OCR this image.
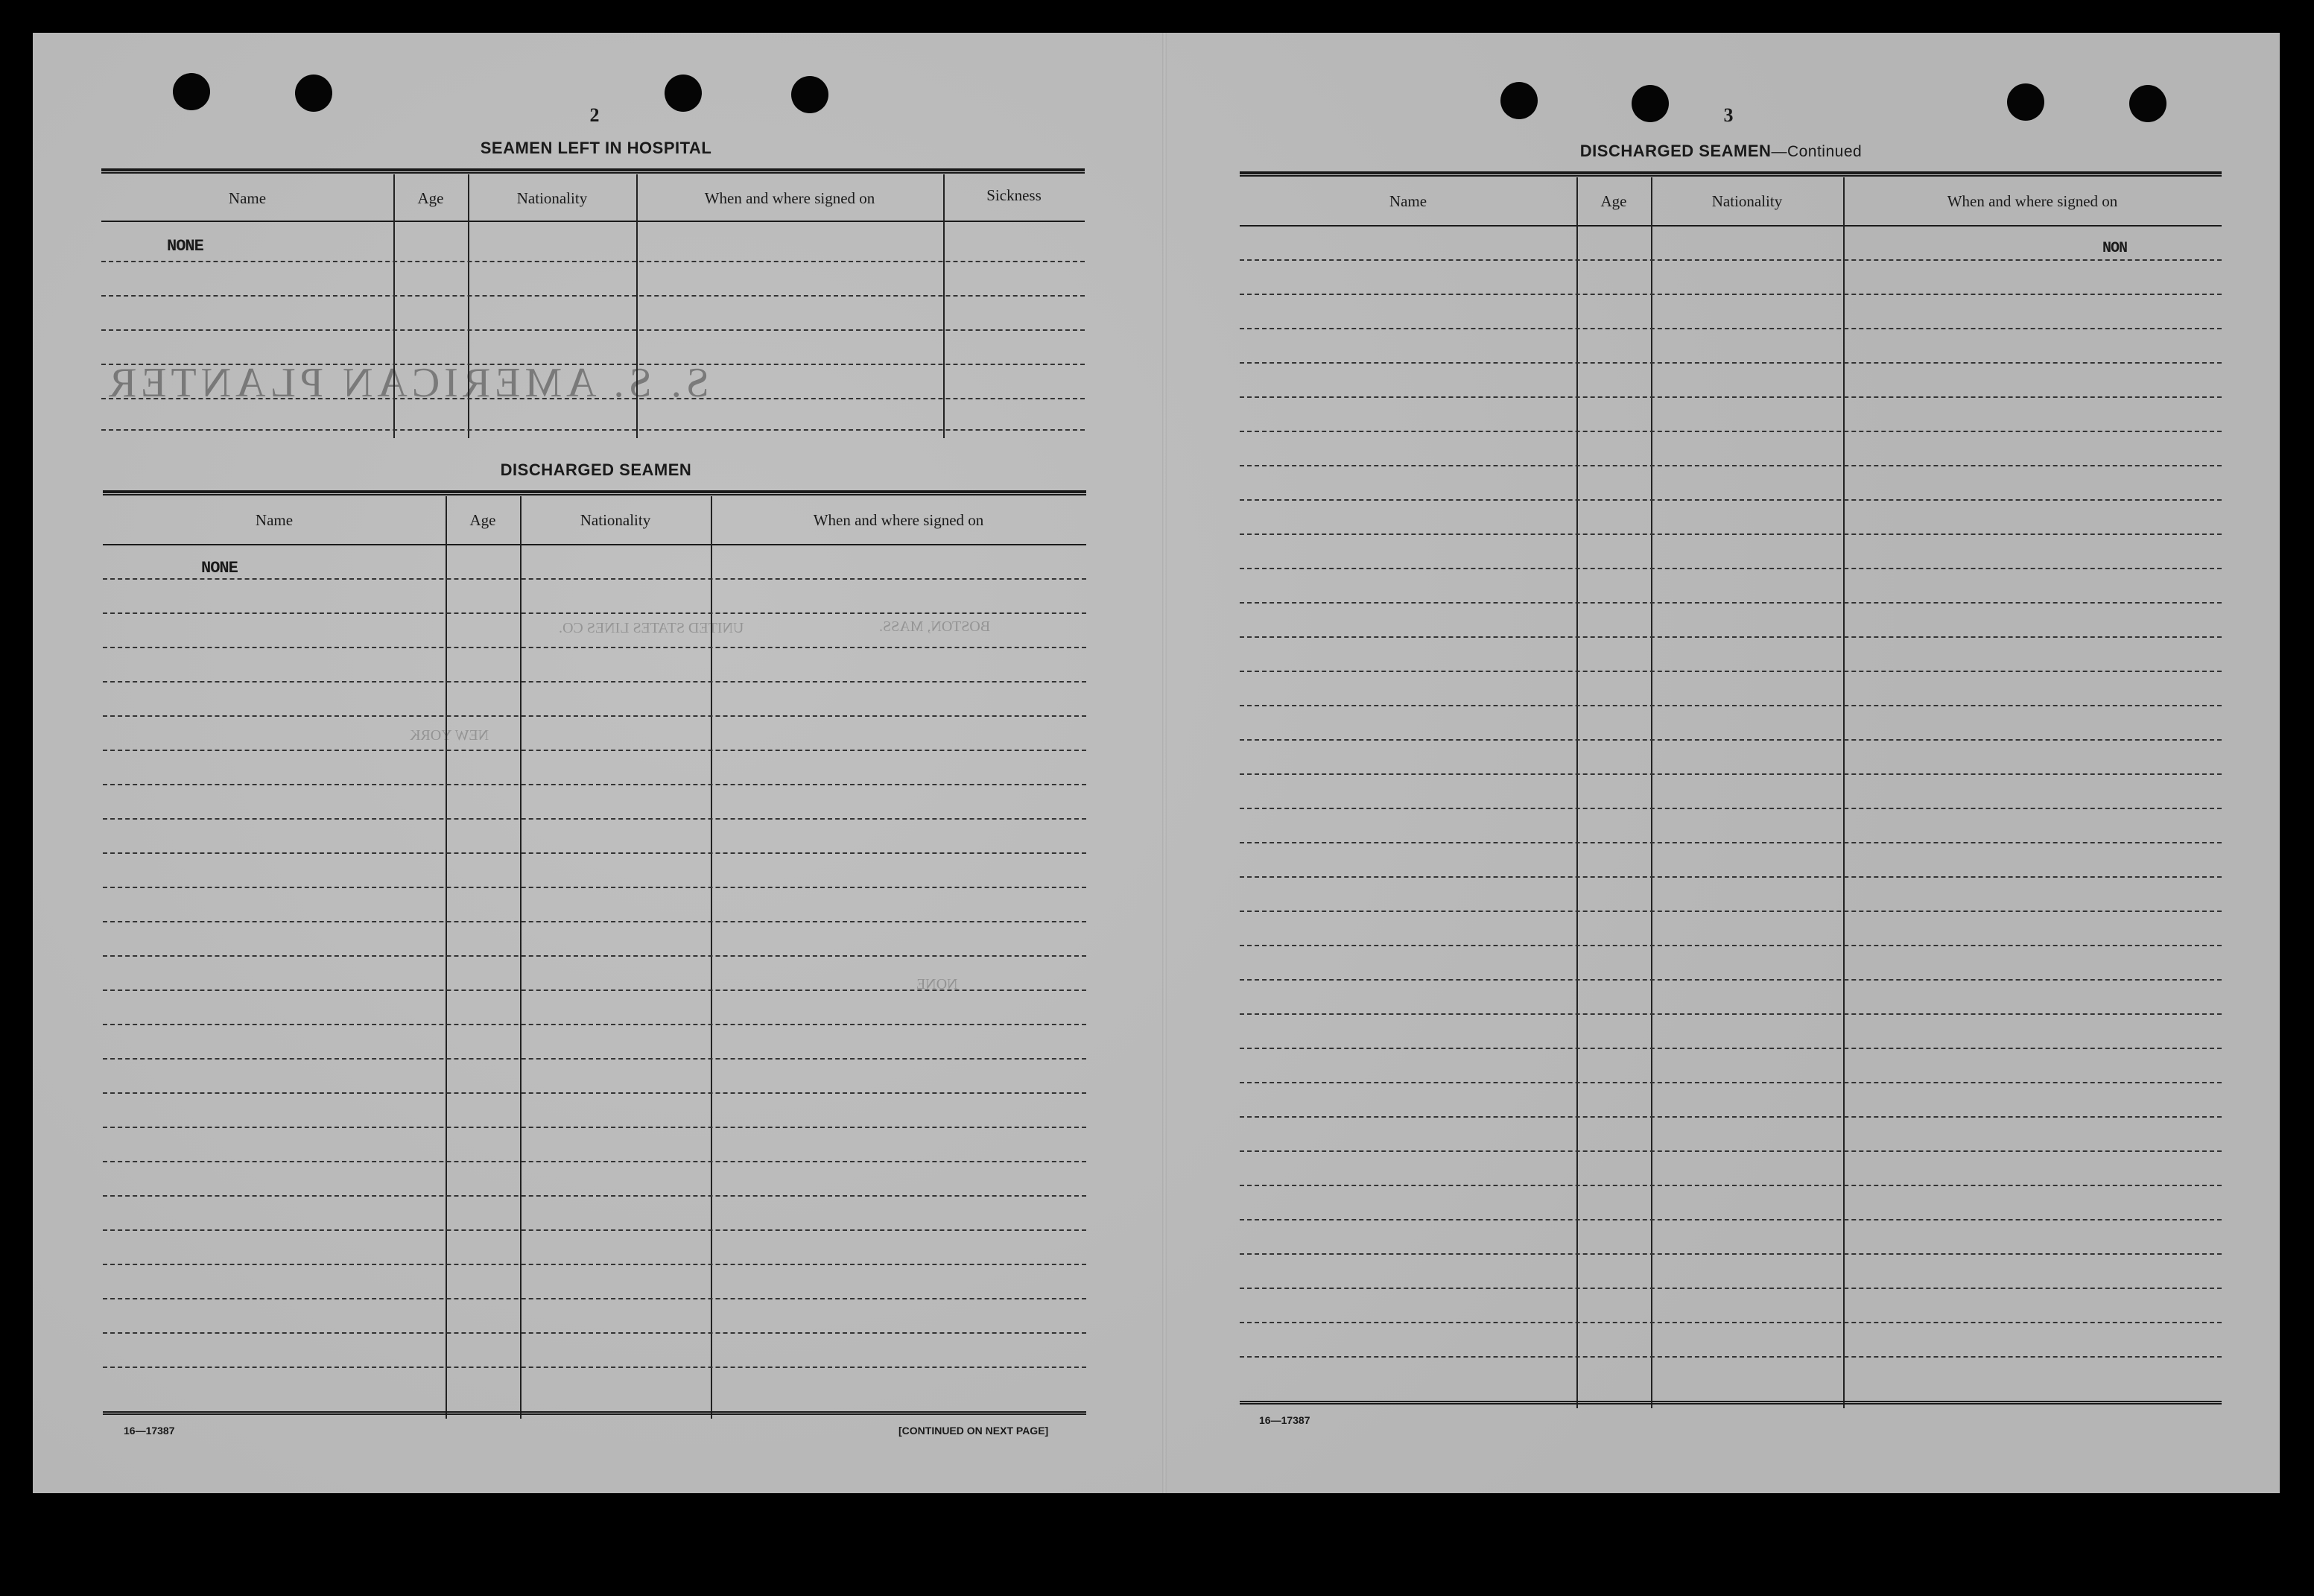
S. S. AMERICAN PLANTER
BOSTON, MASS.
UNITED STATES LINES CO.
NONE
NEW YORK
2
SEAMEN LEFT IN HOSPITAL
Name	Age	Nationality	When and where signed on	Sickness
NONE
DISCHARGED SEAMEN
Name	Age	Nationality	When and where signed on
NONE
16—17387	[CONTINUED ON NEXT PAGE]
3
DISCHARGED SEAMEN—Continued
Name	Age	Nationality	When and where signed on
NON
16—17387
